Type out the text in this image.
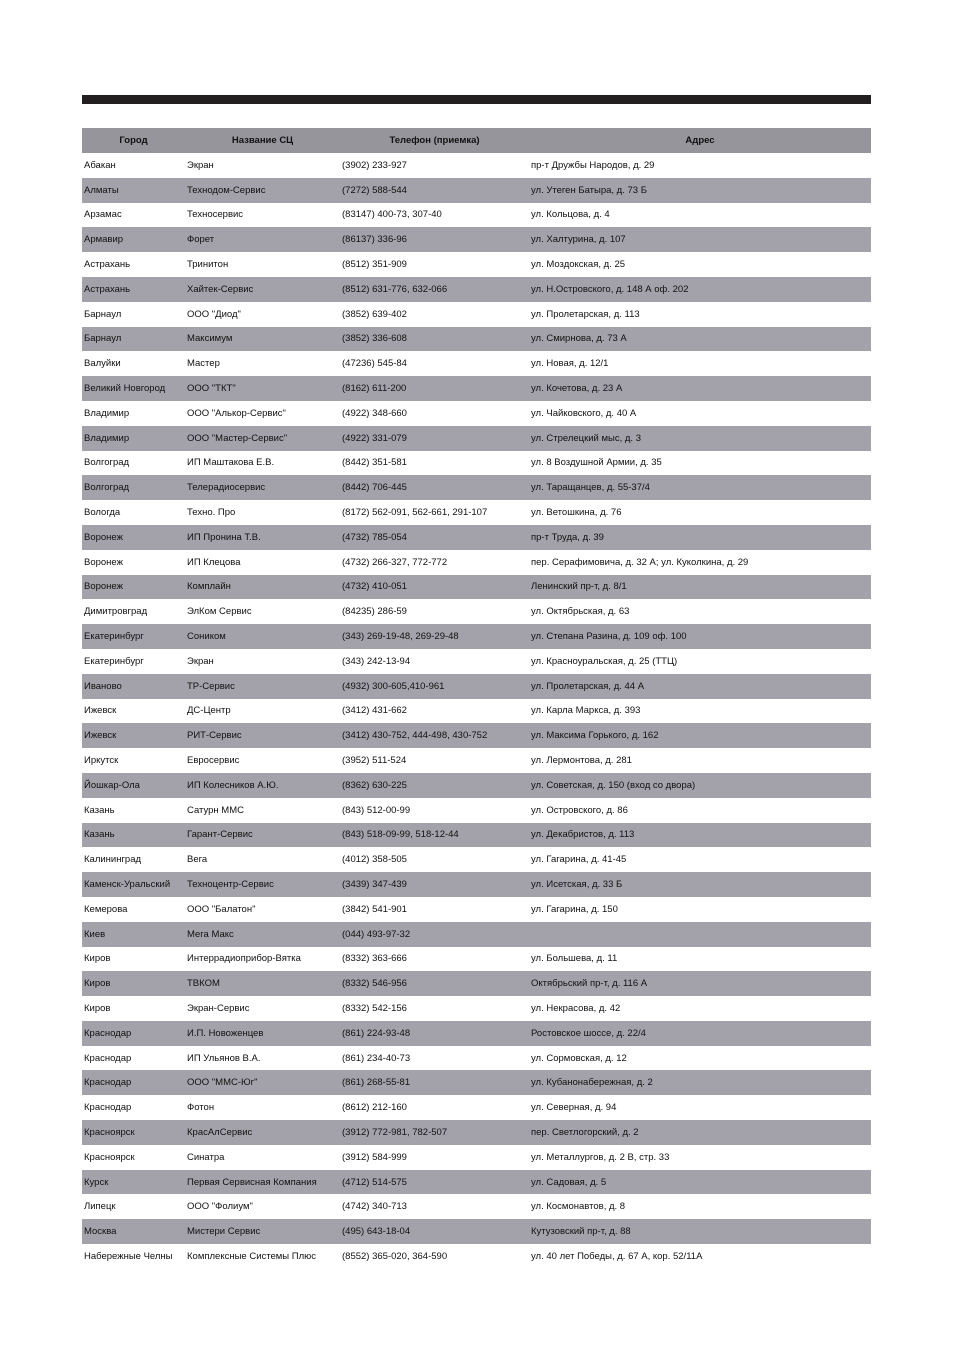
Город	Название СЦ	Телефон (приемка)	Адрес
Абакан	Экран	(3902) 233-927	пр-т Дружбы Народов, д. 29
Алматы	Технодом-Сервис	(7272) 588-544	ул. Утеген Батыра, д. 73 Б
Арзамас	Техносервис	(83147) 400-73, 307-40	ул. Кольцова, д. 4
Армавир	Форет	(86137) 336-96	ул. Халтурина, д. 107
Астрахань	Тринитон	(8512) 351-909	ул. Моздокская, д. 25
Астрахань	Хайтек-Сервис	(8512) 631-776, 632-066	ул. Н.Островского, д. 148 А оф. 202
Барнаул	ООО "Диод"	(3852) 639-402	ул. Пролетарская, д. 113
Барнаул	Максимум	(3852) 336-608	ул. Смирнова, д. 73 А
Валуйки	Мастер	(47236) 545-84	ул. Новая, д. 12/1
Великий Новгород	ООО "ТКТ"	(8162) 611-200	ул. Кочетова, д. 23 А
Владимир	ООО "Алькор-Сервис"	(4922) 348-660	ул. Чайковского, д. 40 А
Владимир	ООО "Мастер-Сервис"	(4922) 331-079	ул. Стрелецкий мыс, д. 3
Волгоград	ИП Маштакова Е.В.	(8442) 351-581	ул. 8 Воздушной Армии, д. 35
Волгоград	Телерадиосервис	(8442) 706-445	ул. Таращанцев, д. 55-37/4
Вологда	Техно. Про	(8172) 562-091, 562-661, 291-107	ул. Ветошкина, д. 76
Воронеж	ИП Пронина Т.В.	(4732) 785-054	пр-т Труда, д. 39
Воронеж	ИП Клецова	(4732) 266-327, 772-772	пер. Серафимовича, д. 32 А; ул. Куколкина, д. 29
Воронеж	Комплайн	(4732) 410-051	Ленинский пр-т, д. 8/1
Димитровград	ЭлКом Сервис	(84235) 286-59	ул. Октябрьская, д. 63
Екатеринбург	Соником	(343) 269-19-48, 269-29-48	ул. Степана Разина, д. 109 оф. 100
Екатеринбург	Экран	(343) 242-13-94	ул. Красноуральская, д. 25 (ТТЦ)
Иваново	ТР-Сервис	(4932) 300-605,410-961	ул. Пролетарская, д. 44 А
Ижевск	ДС-Центр	(3412) 431-662	ул. Карла Маркса, д. 393
Ижевск	РИТ-Сервис	(3412) 430-752, 444-498, 430-752	ул. Максима Горького, д. 162
Иркутск	Евросервис	(3952) 511-524	ул. Лермонтова, д. 281
Йошкар-Ола	ИП Колесников А.Ю.	(8362) 630-225	ул. Советская, д. 150 (вход со двора)
Казань	Сатурн ММС	(843) 512-00-99	ул. Островского, д. 86
Казань	Гарант-Сервис	(843) 518-09-99, 518-12-44	ул. Декабристов, д. 113
Калининград	Вега	(4012) 358-505	ул. Гагарина, д. 41-45
Каменск-Уральский	Техноцентр-Сервис	(3439) 347-439	ул. Исетская, д. 33 Б
Кемерова	ООО "Балатон"	(3842) 541-901	ул. Гагарина, д. 150
Киев	Мега Макс	(044) 493-97-32	
Киров	Интеррадиоприбор-Вятка	(8332) 363-666	ул. Большева, д. 11
Киров	ТВКОМ	(8332) 546-956	Октябрьский пр-т, д. 116 А
Киров	Экран-Сервис	(8332) 542-156	ул. Некрасова, д. 42
Краснодар	И.П. Новоженцев	(861) 224-93-48	Ростовское шоссе, д. 22/4
Краснодар	ИП Ульянов В.А.	(861) 234-40-73	ул. Сормовская, д. 12
Краснодар	ООО "ММС-Юг"	(861) 268-55-81	ул. Кубанонабережная, д. 2
Краснодар	Фотон	(8612) 212-160	ул. Северная, д. 94
Красноярск	КрасАлСервис	(3912) 772-981, 782-507	пер. Светлогорский, д. 2
Красноярск	Синатра	(3912) 584-999	ул. Металлургов, д. 2 В, стр. 33
Курск	Первая Сервисная Компания	(4712) 514-575	ул. Садовая, д. 5
Липецк	ООО "Фолиум"	(4742) 340-713	ул. Космонавтов, д. 8
Москва	Мистери Сервис	(495) 643-18-04	Кутузовский пр-т, д. 88
Набережные Челны	Комплексные Системы Плюс	(8552) 365-020, 364-590	ул. 40 лет Победы, д. 67 А, кор. 52/11А
